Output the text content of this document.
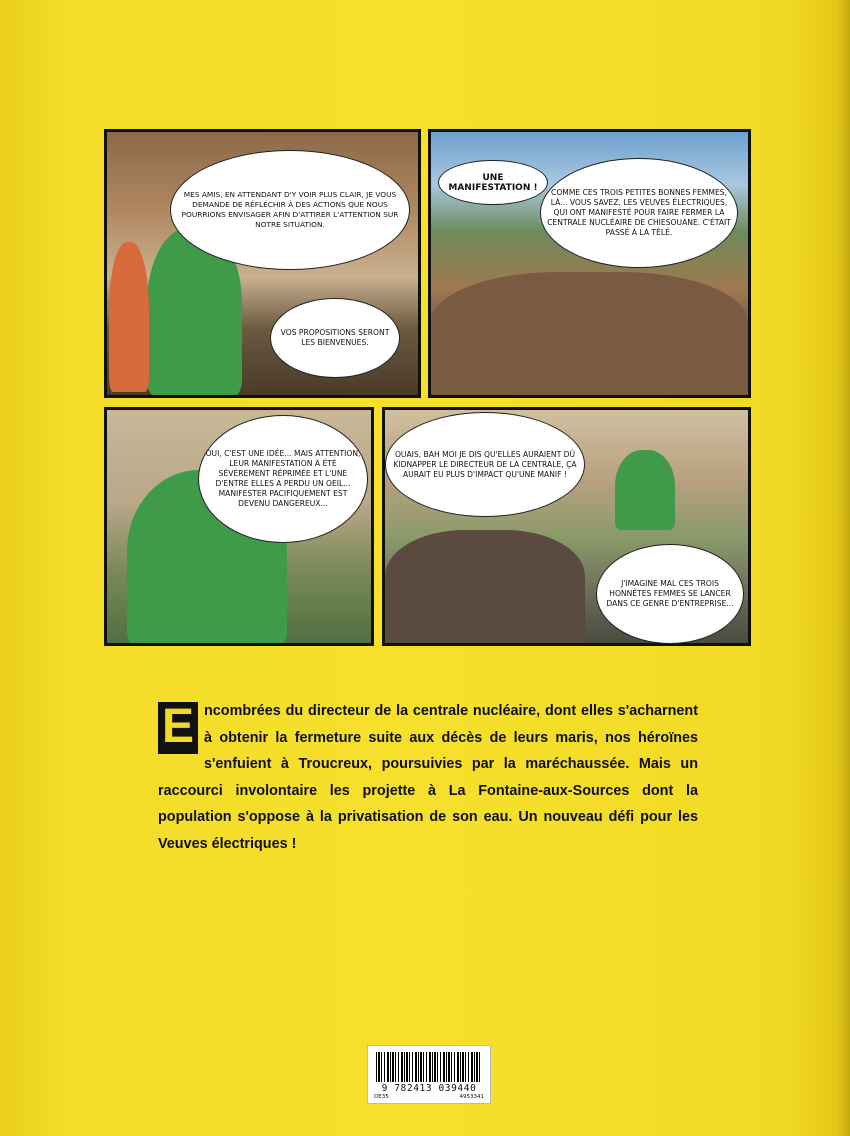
MES AMIS, EN ATTENDANT D'Y VOIR PLUS CLAIR, JE VOUS DEMANDE DE RÉFLÉCHIR À DES ACTIONS QUE NOUS POURRIONS ENVISAGER AFIN D'ATTIRER L'ATTENTION SUR NOTRE SITUATION.
VOS PROPOSITIONS SERONT LES BIENVENUES.
UNE MANIFESTATION !	COMME CES TROIS PETITES BONNES FEMMES, LÀ... VOUS SAVEZ, LES VEUVES ÉLECTRIQUES, QUI ONT MANIFESTÉ POUR FAIRE FERMER LA CENTRALE NUCLÉAIRE DE CHIESOUANE. C'ÉTAIT PASSÉ À LA TÉLÉ.
OUI, C'EST UNE IDÉE... MAIS ATTENTION, LEUR MANIFESTATION A ÉTÉ SÉVÈREMENT RÉPRIMÉE ET L'UNE D'ENTRE ELLES A PERDU UN OEIL... MANIFESTER PACIFIQUEMENT EST DEVENU DANGEREUX...
OUAIS, BAH MOI JE DIS QU'ELLES AURAIENT DÛ KIDNAPPER LE DIRECTEUR DE LA CENTRALE, ÇA AURAIT EU PLUS D'IMPACT QU'UNE MANIF !
J'IMAGINE MAL CES TROIS HONNÊTES FEMMES SE LANCER DANS CE GENRE D'ENTREPRISE...
E ncombrées du directeur de la centrale nucléaire, dont elles s'acharnent à obtenir la fermeture suite aux décès de leurs maris, nos héroïnes s'enfuient à Troucreux, poursuivies par la maréchaussée. Mais un raccourci involontaire les projette à La Fontaine-aux-Sources dont la population s'oppose à la privatisation de son eau. Un nouveau défi pour les Veuves électriques !
9 782413 039440
DE35	4953341
